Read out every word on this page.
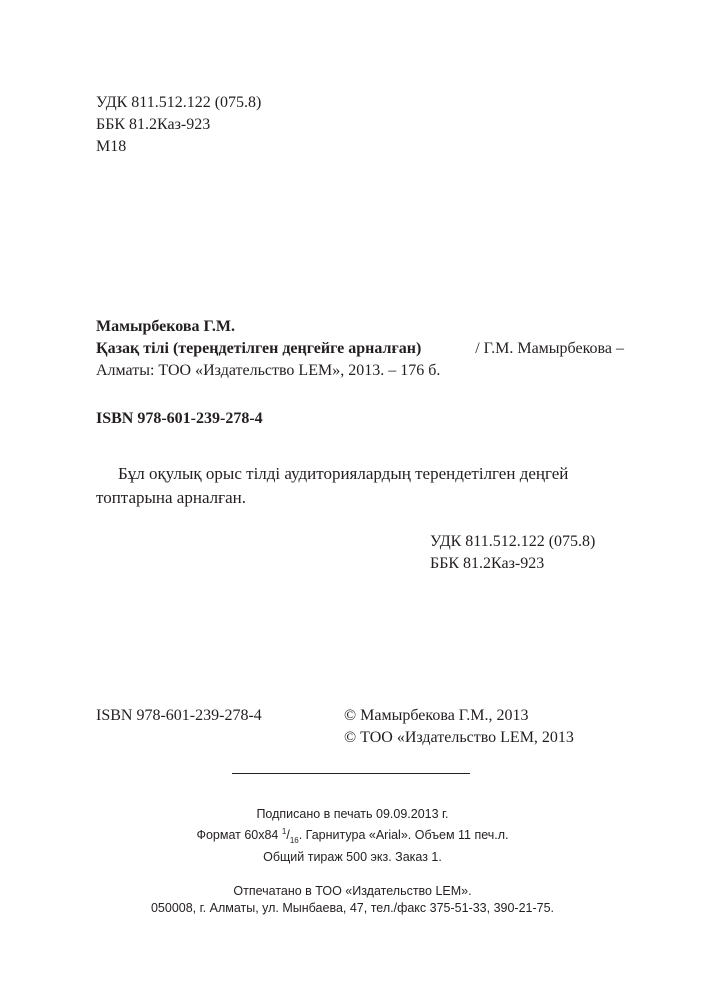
УДК 811.512.122 (075.8)
ББК 81.2Каз-923
М18
Мамырбекова Г.М.
Қазақ тілі (тереңдетілген деңгейге арналған)	/ Г.М. Мамырбекова –
Алматы: ТОО «Издательство LEM», 2013. – 176 б.
ISBN 978-601-239-278-4
Бұл оқулық орыс тілді аудиториялардың терендетілген деңгей
топтарына арналған.
УДК 811.512.122 (075.8)
ББК 81.2Каз-923
ISBN 978-601-239-278-4	© Мамырбекова Г.М., 2013
© ТОО «Издательство LEM, 2013
Подписано в печать 09.09.2013 г.
Формат 60х84 $^1/_{16}$. Гарнитура «Arial». Объем 11 печ.л.
Общий тираж 500 экз. Заказ 1.
Отпечатано в ТОО «Издательство LEM».
050008, г. Алматы, ул. Мынбаева, 47, тел./факс 375-51-33, 390-21-75.
